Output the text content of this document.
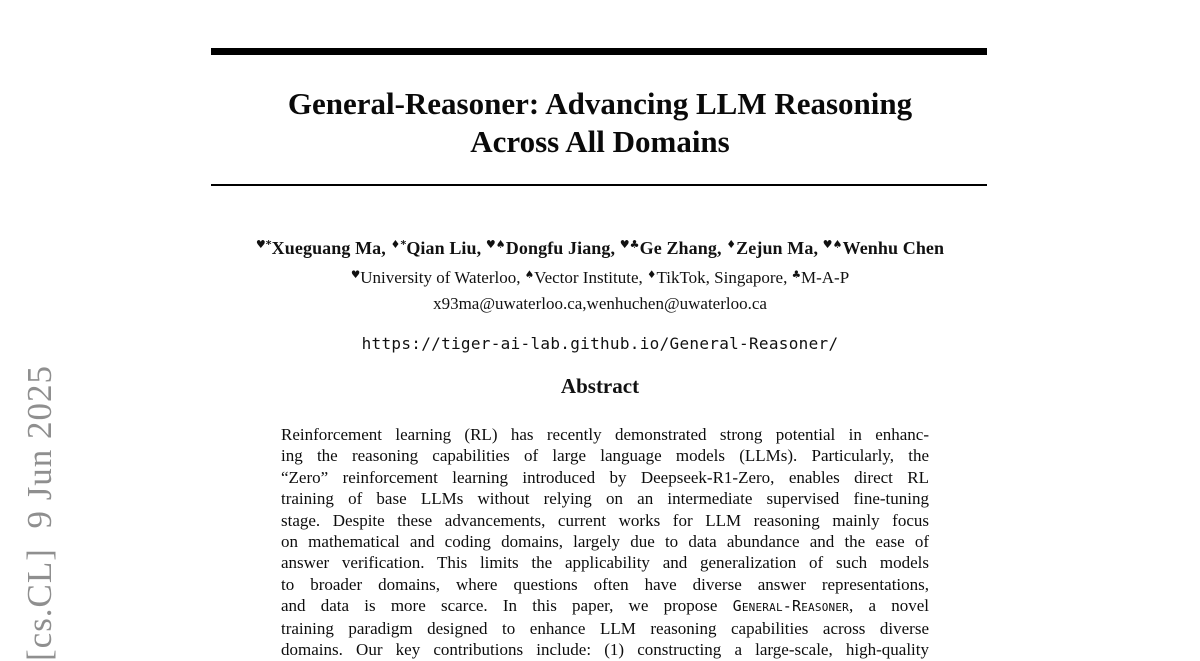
[cs.CL]  9 Jun 2025
General-Reasoner: Advancing LLM Reasoning
Across All Domains
♥*Xueguang Ma, ♦*Qian Liu, ♥♠Dongfu Jiang, ♥♣Ge Zhang, ♦Zejun Ma, ♥♠Wenhu Chen
♥University of Waterloo, ♠Vector Institute, ♦TikTok, Singapore, ♣M-A-P
x93ma@uwaterloo.ca,wenhuchen@uwaterloo.ca
https://tiger-ai-lab.github.io/General-Reasoner/
Abstract
Reinforcement learning (RL) has recently demonstrated strong potential in enhanc-
ing the reasoning capabilities of large language models (LLMs). Particularly, the
“Zero” reinforcement learning introduced by Deepseek-R1-Zero, enables direct RL
training of base LLMs without relying on an intermediate supervised fine-tuning
stage. Despite these advancements, current works for LLM reasoning mainly focus
on mathematical and coding domains, largely due to data abundance and the ease of
answer verification. This limits the applicability and generalization of such models
to broader domains, where questions often have diverse answer representations,
and data is more scarce. In this paper, we propose General-Reasoner, a novel
training paradigm designed to enhance LLM reasoning capabilities across diverse
domains. Our key contributions include: (1) constructing a large-scale, high-quality
